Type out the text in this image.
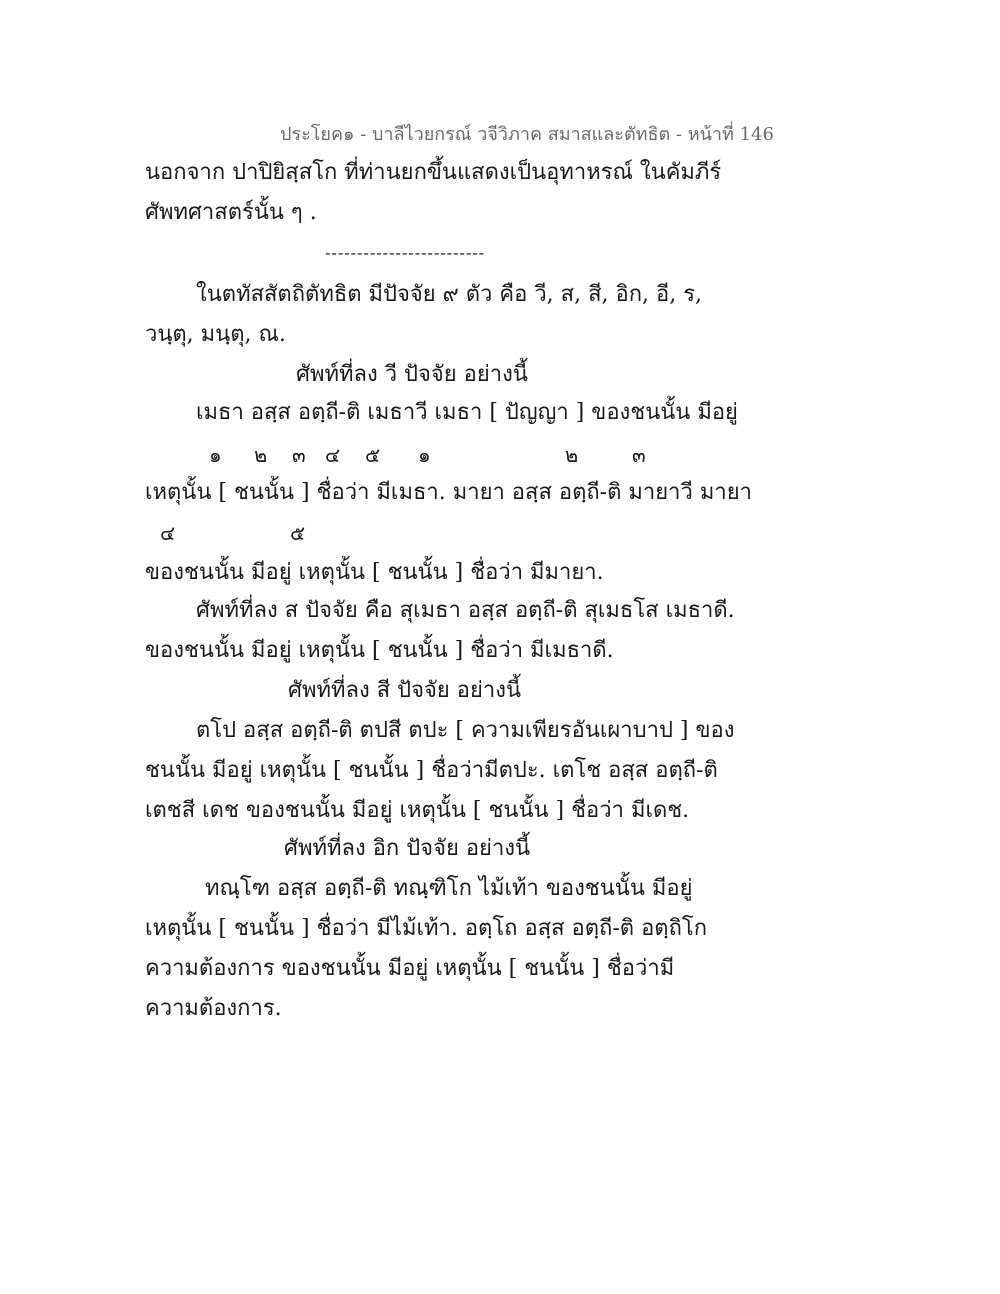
ประโยค๑ - บาลีไวยกรณ์ วจีวิภาค สมาสและตัทธิต - หน้าที่ 146
นอกจาก ปาปิยิสฺสโก ที่ท่านยกขึ้นแสดงเป็นอุทาหรณ์ ในคัมภีร์
ศัพทศาสตร์นั้น ๆ .
-------------------------
ในตทัสสัตถิตัทธิต มีปัจจัย ๙ ตัว คือ วี, ส, สี, อิก, อี, ร,
วนฺตุ, มนฺตุ, ณ.
ศัพท์ที่ลง วี ปัจจัย อย่างนี้
เมธา อสฺส อตฺถี-ติ เมธาวี เมธา [ ปัญญา ] ของชนนั้น มีอยู่
๑ ๒ ๓ ๔ ๕ ๑	๒	๓
เหตุนั้น [ ชนนั้น ] ชื่อว่า มีเมธา. มายา อสฺส อตฺถี-ติ มายาวี มายา
๔	๕
ของชนนั้น มีอยู่ เหตุนั้น [ ชนนั้น ] ชื่อว่า มีมายา.
ศัพท์ที่ลง ส ปัจจัย คือ สุเมธา อสฺส อตฺถี-ติ สุเมธโส เมธาดี.
ของชนนั้น มีอยู่ เหตุนั้น [ ชนนั้น ] ชื่อว่า มีเมธาดี.
ศัพท์ที่ลง สี ปัจจัย อย่างนี้
ตโป อสฺส อตฺถี-ติ ตปสี ตปะ [ ความเพียรอันเผาบาป ] ของ
ชนนั้น มีอยู่ เหตุนั้น [ ชนนั้น ] ชื่อว่ามีตปะ. เตโช อสฺส อตฺถี-ติ
เตชสี เดช ของชนนั้น มีอยู่ เหตุนั้น [ ชนนั้น ] ชื่อว่า มีเดช.
ศัพท์ที่ลง อิก ปัจจัย อย่างนี้
ทณฺโฑ อสฺส อตฺถี-ติ ทณฺฑิโก ไม้เท้า ของชนนั้น มีอยู่
เหตุนั้น [ ชนนั้น ] ชื่อว่า มีไม้เท้า. อตฺโถ อสฺส อตฺถี-ติ อตฺถิโก
ความต้องการ ของชนนั้น มีอยู่ เหตุนั้น [ ชนนั้น ] ชื่อว่ามี
ความต้องการ.
